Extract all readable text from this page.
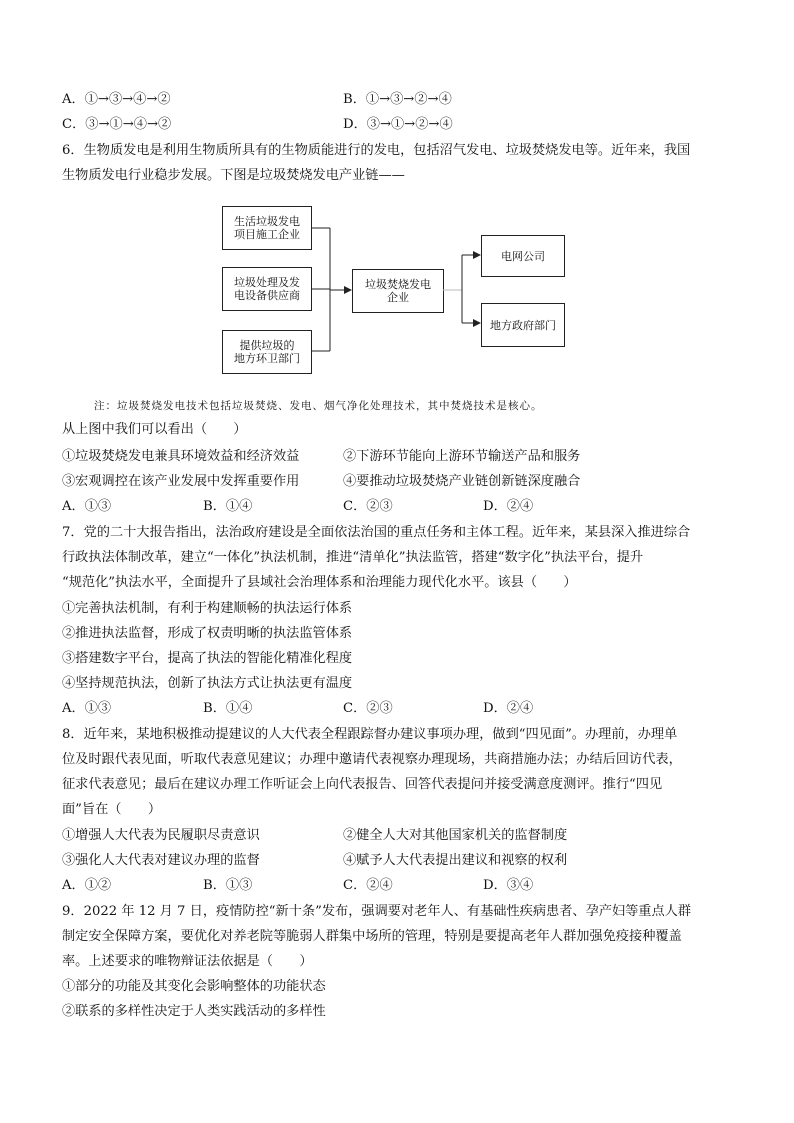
A．①→③→④→②	B．①→③→②→④
C．③→①→④→②	D．③→①→②→④
6．生物质发电是利用生物质所具有的生物质能进行的发电，包括沼气发电、垃圾焚烧发电等。近年来，我国
生物质发电行业稳步发展。下图是垃圾焚烧发电产业链——
生活垃圾发电
项目施工企业
垃圾处理及发
电设备供应商
提供垃圾的
地方环卫部门
垃圾焚烧发电
企业
电网公司
地方政府部门
注：垃圾焚烧发电技术包括垃圾焚烧、发电、烟气净化处理技术，其中焚烧技术是核心。
从上图中我们可以看出（　　）
①垃圾焚烧发电兼具环境效益和经济效益	②下游环节能向上游环节输送产品和服务
③宏观调控在该产业发展中发挥重要作用	④要推动垃圾焚烧产业链创新链深度融合
A．①③	B．①④	C．②③	D．②④
7．党的二十大报告指出，法治政府建设是全面依法治国的重点任务和主体工程。近年来，某县深入推进综合
行政执法体制改革，建立“一体化”执法机制，推进“清单化”执法监管，搭建“数字化”执法平台，提升
“规范化”执法水平，全面提升了县域社会治理体系和治理能力现代化水平。该县（　　）
①完善执法机制，有利于构建顺畅的执法运行体系
②推进执法监督，形成了权责明晰的执法监管体系
③搭建数字平台，提高了执法的智能化精准化程度
④坚持规范执法，创新了执法方式让执法更有温度
A．①③	B．①④	C．②③	D．②④
8．近年来，某地积极推动提建议的人大代表全程跟踪督办建议事项办理，做到“四见面”。办理前，办理单
位及时跟代表见面，听取代表意见建议；办理中邀请代表视察办理现场，共商措施办法；办结后回访代表，
征求代表意见；最后在建议办理工作听证会上向代表报告、回答代表提问并接受满意度测评。推行“四见
面”旨在（　　）
①增强人大代表为民履职尽责意识	②健全人大对其他国家机关的监督制度
③强化人大代表对建议办理的监督	④赋予人大代表提出建议和视察的权利
A．①②	B．①③	C．②④	D．③④
9．2022 年 12 月 7 日，疫情防控“新十条”发布，强调要对老年人、有基础性疾病患者、孕产妇等重点人群
制定安全保障方案，要优化对养老院等脆弱人群集中场所的管理，特别是要提高老年人群加强免疫接种覆盖
率。上述要求的唯物辩证法依据是（　　）
①部分的功能及其变化会影响整体的功能状态
②联系的多样性决定于人类实践活动的多样性
